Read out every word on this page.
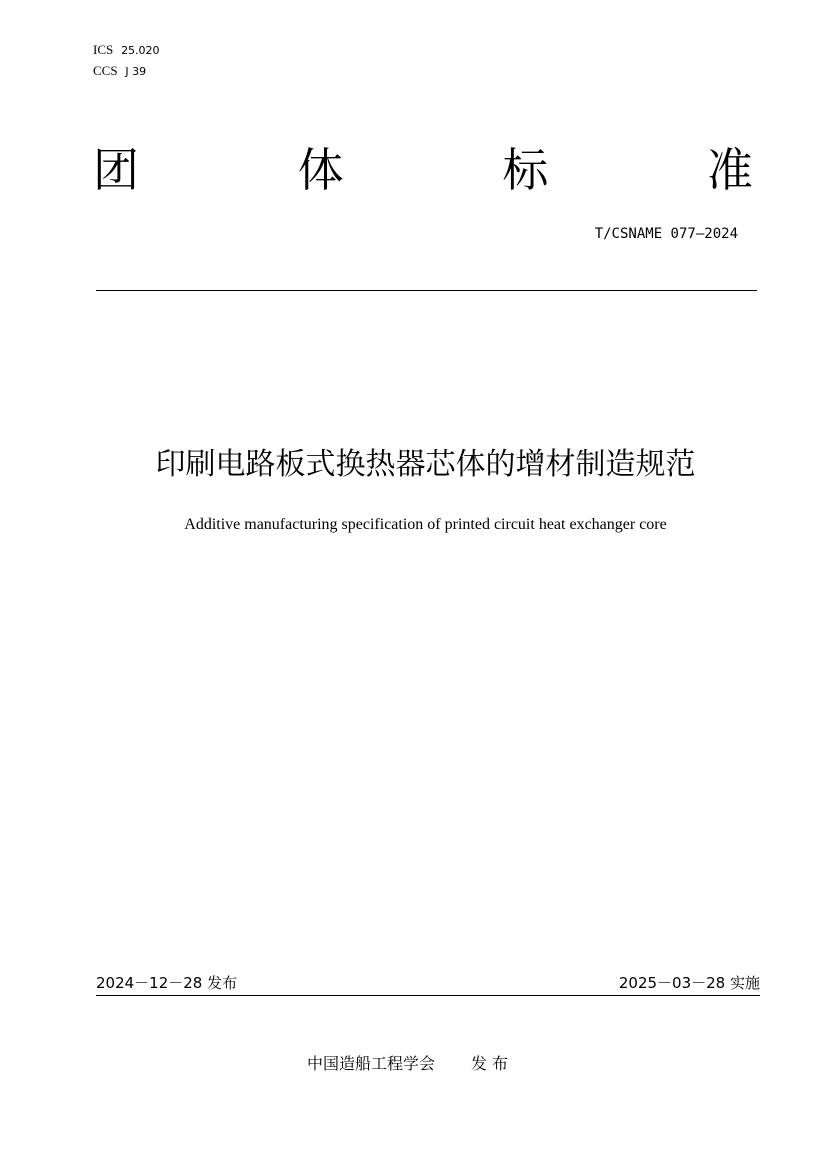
ICS 25.020
CCS J 39
团	体	标	准
T/CSNAME 077—2024
印刷电路板式换热器芯体的增材制造规范
Additive manufacturing specification of printed circuit heat exchanger core
2024－12－28 发布	2025－03－28 实施
中国造船工程学会 发 布
